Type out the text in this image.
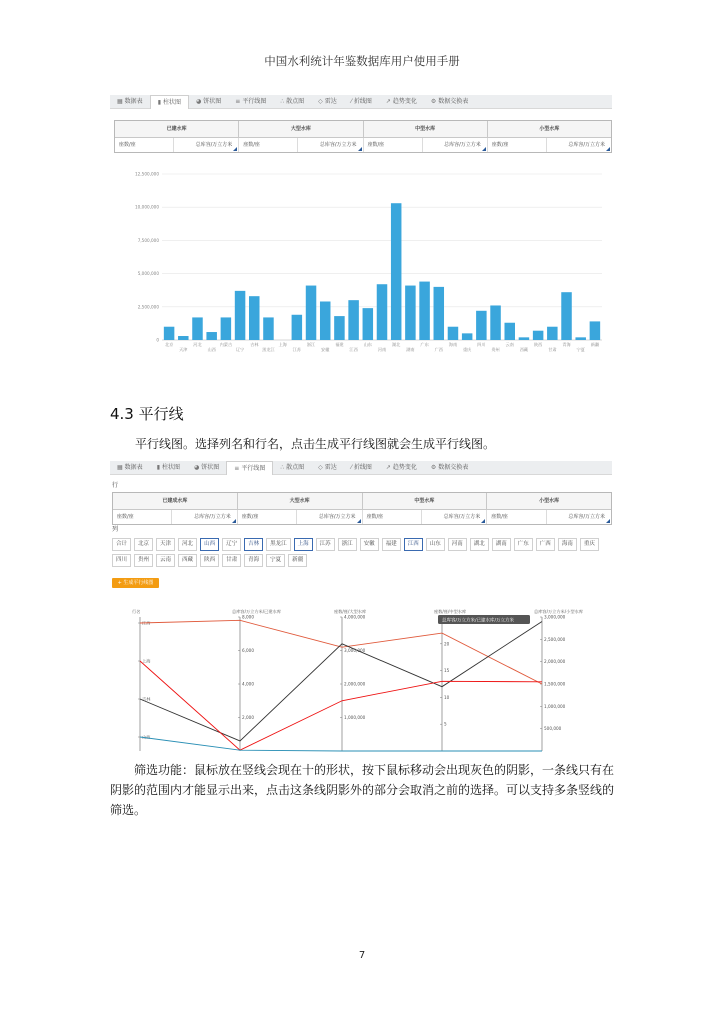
中国水利统计年鉴数据库用户使用手册
▦ 数据表	▮ 柱状图	◕ 饼状图	≡ 平行线图	∴ 散点图	◇ 雷达	⁄ 折线图	↗ 趋势变化	⚙ 数据交换表
已建水库	大型水库	中型水库	小型水库
座数/座	总库容/万立方米	座数/座	总库容/万立方米	座数/座	总库容/万立方米	座数/座	总库容/万立方米
0
2,500,000
5,000,000
7,500,000
10,000,000
12,500,000
北京
天津
河北
山西
内蒙古
辽宁
吉林
黑龙江
上海
江苏
浙江
安徽
福建
江西
山东
河南
湖北
湖南
广东
广西
海南
重庆
四川
贵州
云南
西藏
陕西
甘肃
青海
宁夏
新疆
4.3 平行线
平行线图。选择列名和行名，点击生成平行线图就会生成平行线图。
▦ 数据表	▮ 柱状图	◕ 饼状图	≡ 平行线图	∴ 散点图	◇ 雷达	⁄ 折线图	↗ 趋势变化	⚙ 数据交换表
行
已建成水库	大型水库	中型水库	小型水库
座数/座	总库容/万立方米	座数/座	总库容/万立方米	座数/座	总库容/万立方米	座数/座	总库容/万立方米
列
合计	北京	天津	河北	山西	辽宁	吉林	黑龙江	上海	江苏	浙江	安徽	福建	江西	山东	河南	湖北	湖南	广东	广西	海南	重庆
四川	贵州	云南	西藏	陕西	甘肃	青海	宁夏	新疆
+ 生成平行线图
行名
山西
吉林
上海
江西
总库容/万立方米/已建水库
2,000
4,000
6,000
8,000
座数/座/大型水库
1,000,000
2,000,000
3,000,000
4,000,000
座数/座/中型水库
5
10
15
20
总库容/万立方米/小型水库
500,000
1,000,000
1,500,000
2,000,000
2,500,000
3,000,000
总库容/万立方米/已建水库/万立方米
筛选功能：鼠标放在竖线会现在十的形状，按下鼠标移动会出现灰色的阴影，一条线只有在阴影的范围内才能显示出来，点击这条线阴影外的部分会取消之前的选择。可以支持多条竖线的筛选。
7
